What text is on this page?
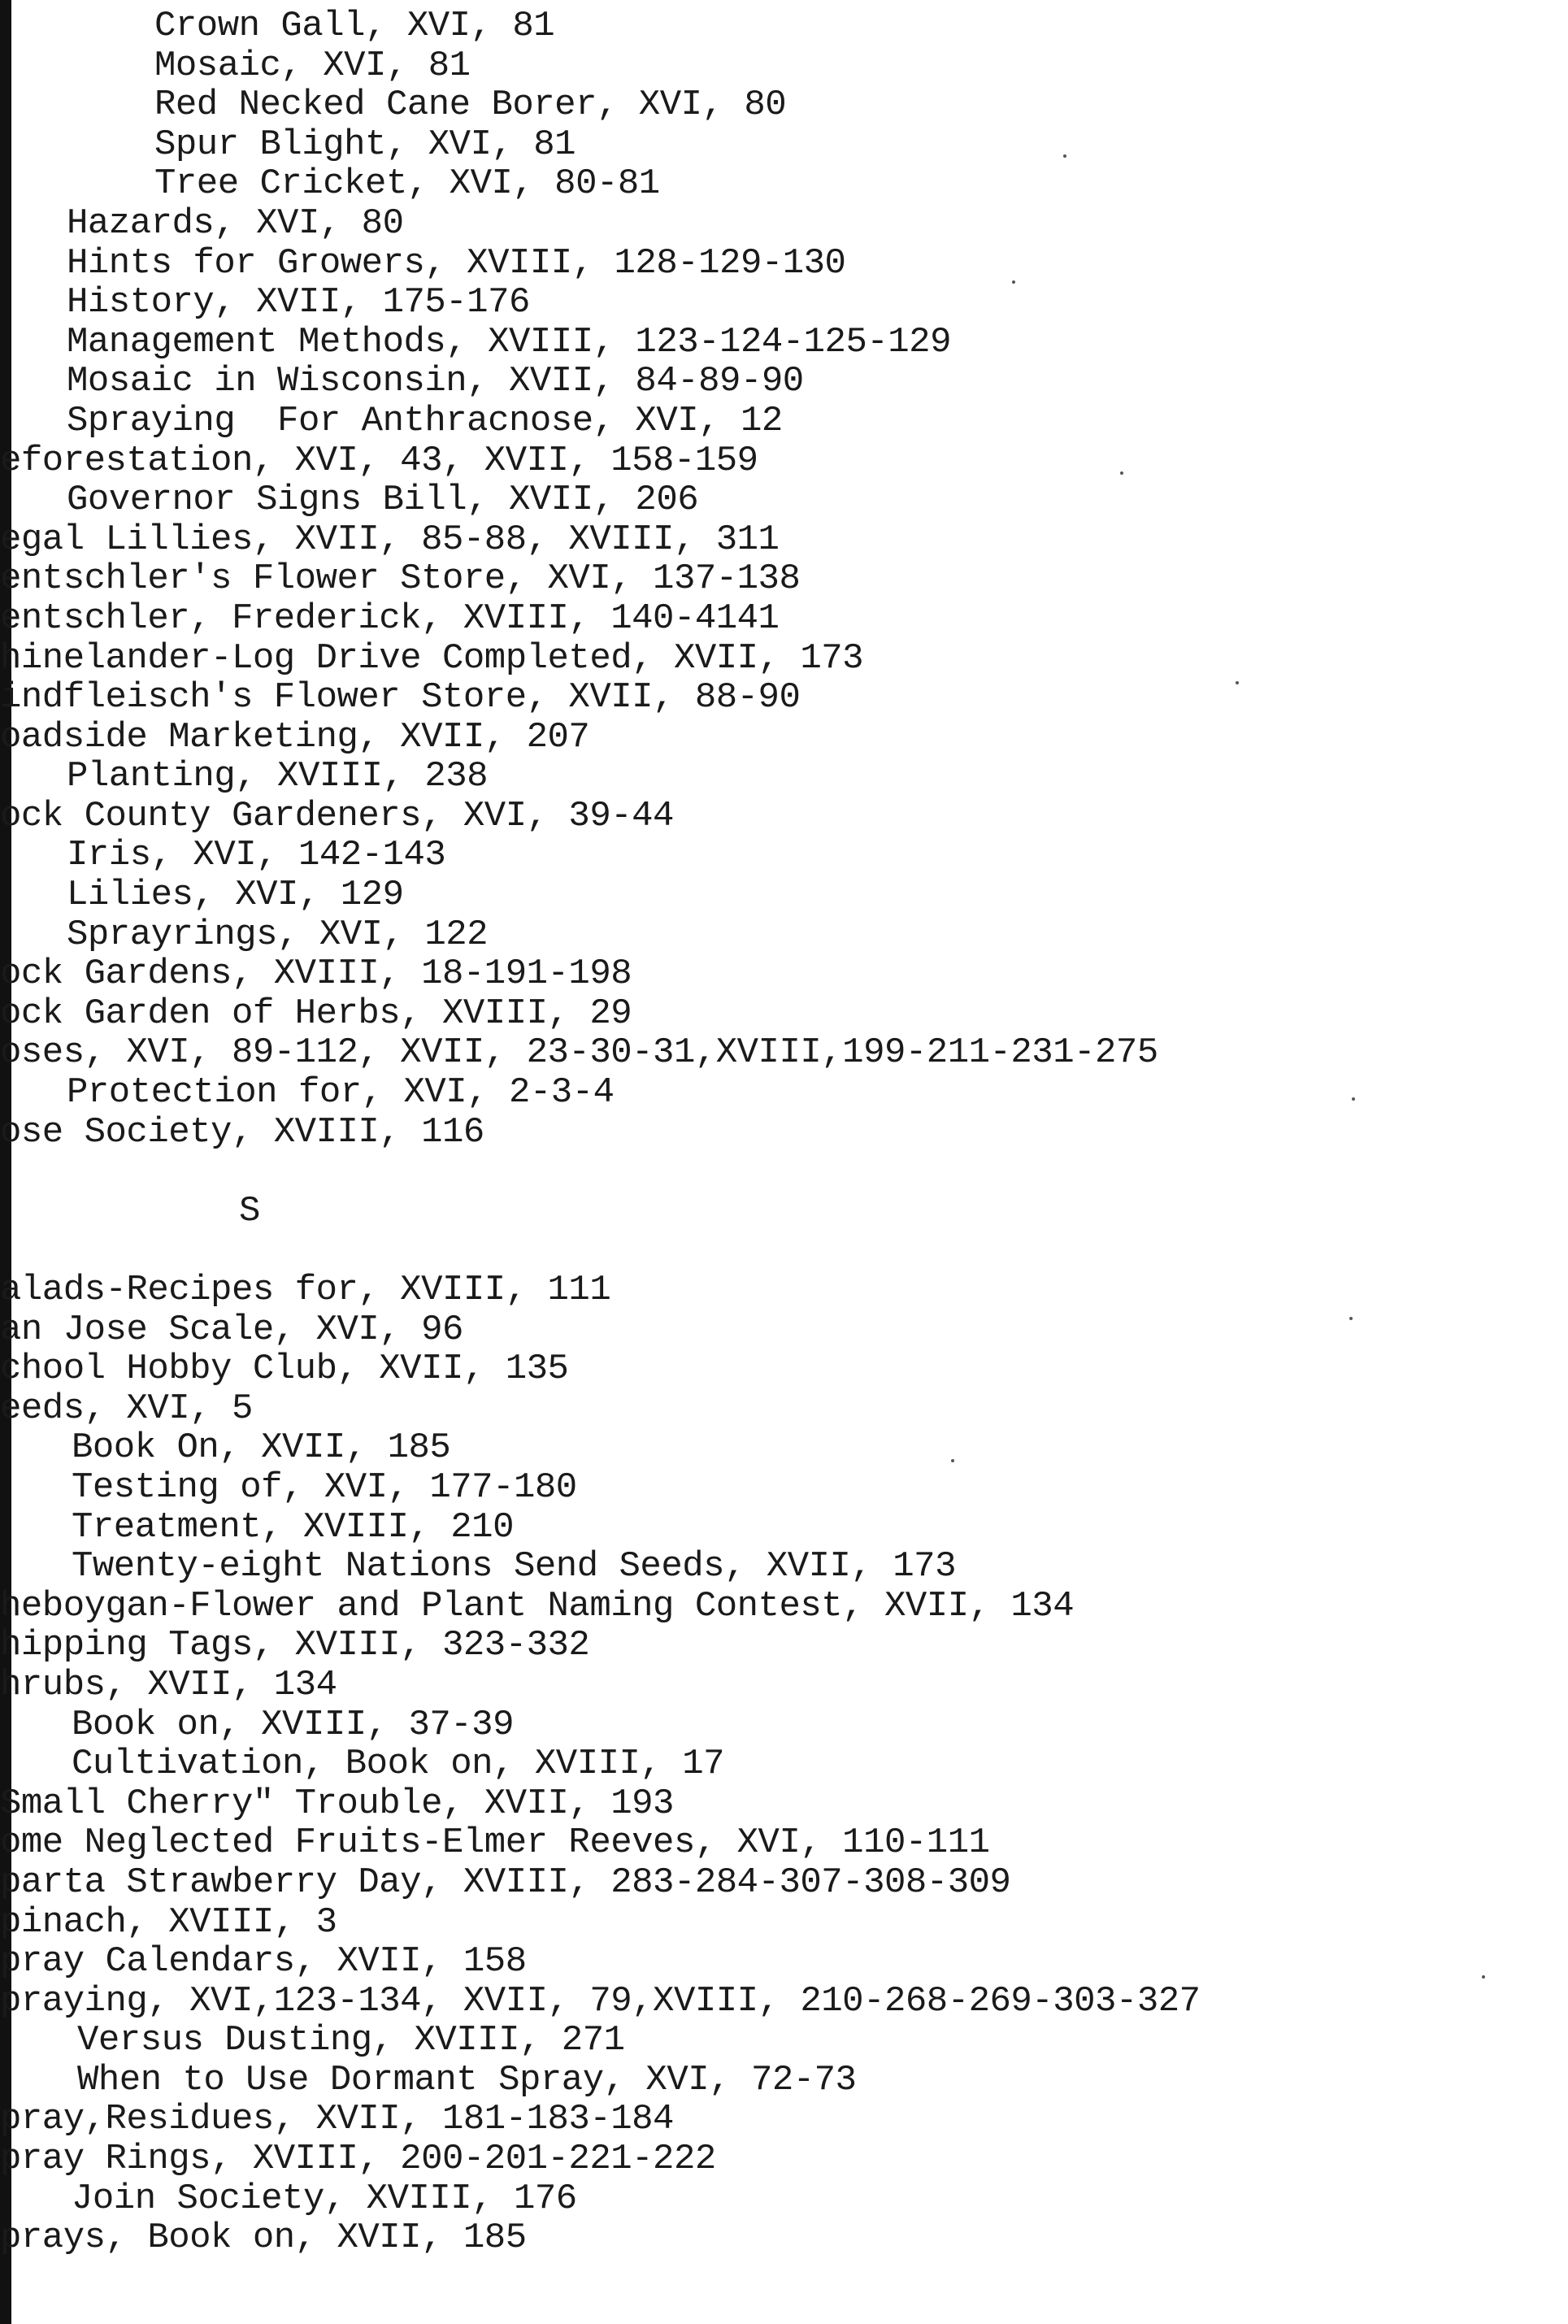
Crown Gall, XVI, 81
Mosaic, XVI, 81
Red Necked Cane Borer, XVI, 80
Spur Blight, XVI, 81
Tree Cricket, XVI, 80-81
Hazards, XVI, 80
Hints for Growers, XVIII, 128-129-130
History, XVII, 175-176
Management Methods, XVIII, 123-124-125-129
Mosaic in Wisconsin, XVII, 84-89-90
Spraying  For Anthracnose, XVI, 12
eforestation, XVI, 43, XVII, 158-159
Governor Signs Bill, XVII, 206
egal Lillies, XVII, 85-88, XVIII, 311
entschler's Flower Store, XVI, 137-138
entschler, Frederick, XVIII, 140-4141
hinelander-Log Drive Completed, XVII, 173
indfleisch's Flower Store, XVII, 88-90
oadside Marketing, XVII, 207
Planting, XVIII, 238
ock County Gardeners, XVI, 39-44
Iris, XVI, 142-143
Lilies, XVI, 129
Sprayrings, XVI, 122
ock Gardens, XVIII, 18-191-198
ock Garden of Herbs, XVIII, 29
oses, XVI, 89-112, XVII, 23-30-31,XVIII,199-211-231-275
Protection for, XVI, 2-3-4
ose Society, XVIII, 116
S
alads-Recipes for, XVIII, 111
an Jose Scale, XVI, 96
chool Hobby Club, XVII, 135
eeds, XVI, 5
Book On, XVII, 185
Testing of, XVI, 177-180
Treatment, XVIII, 210
Twenty-eight Nations Send Seeds, XVII, 173
heboygan-Flower and Plant Naming Contest, XVII, 134
hipping Tags, XVIII, 323-332
hrubs, XVII, 134
Book on, XVIII, 37-39
Cultivation, Book on, XVIII, 17
Small Cherry" Trouble, XVII, 193
ome Neglected Fruits-Elmer Reeves, XVI, 110-111
parta Strawberry Day, XVIII, 283-284-307-308-309
pinach, XVIII, 3
pray Calendars, XVII, 158
praying, XVI,123-134, XVII, 79,XVIII, 210-268-269-303-327
Versus Dusting, XVIII, 271
When to Use Dormant Spray, XVI, 72-73
pray,Residues, XVII, 181-183-184
pray Rings, XVIII, 200-201-221-222
Join Society, XVIII, 176
prays, Book on, XVII, 185
